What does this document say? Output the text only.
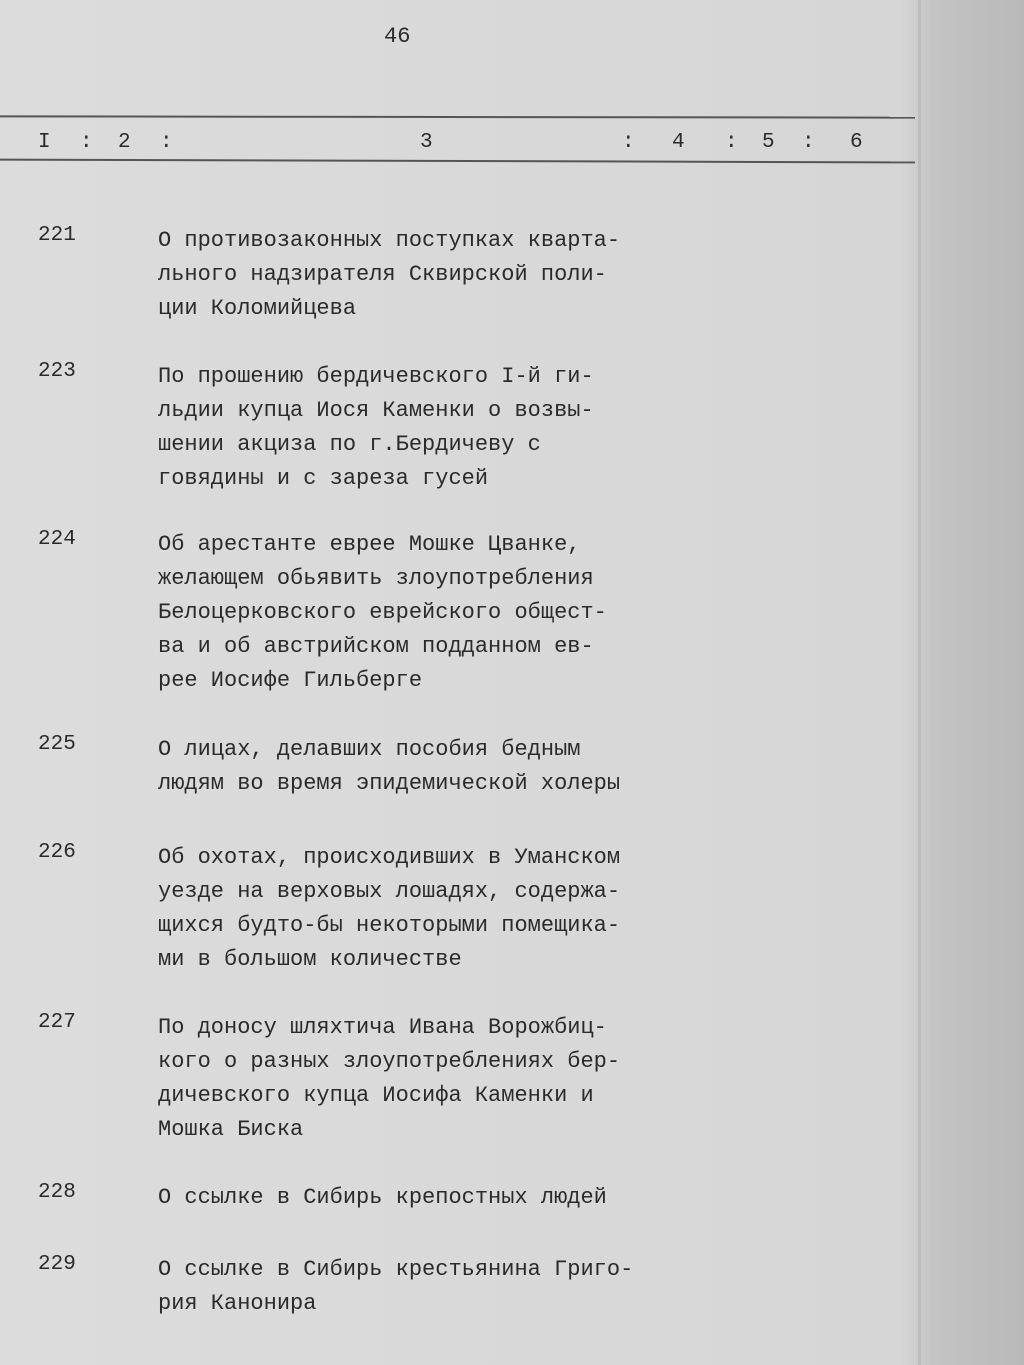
46
I : 2 :	3	: 4 : 5 : 6
221	О противозаконных поступках кварта-
льного надзирателя Сквирской поли-
ции Коломийцева
223	По прошению бердичевского I-й ги-
льдии купца Иося Каменки о возвы-
шении акциза по г.Бердичеву с
говядины и с зареза гусей
224	Об арестанте еврее Мошке Цванке,
желающем обьявить злоупотребления
Белоцерковского еврейского общест-
ва и об австрийском подданном ев-
рее Иосифе Гильберге
225	О лицах, делавших пособия бедным
людям во время эпидемической холеры
226	Об охотах, происходивших в Уманском
уезде на верховых лошадях, содержа-
щихся будто-бы некоторыми помещика-
ми в большом количестве
227	По доносу шляхтича Ивана Ворожбиц-
кого о разных злоупотреблениях бер-
дичевского купца Иосифа Каменки и
Мошка Биска
228	О ссылке в Сибирь крепостных людей
229	О ссылке в Сибирь крестьянина Григо-
рия Канонира
